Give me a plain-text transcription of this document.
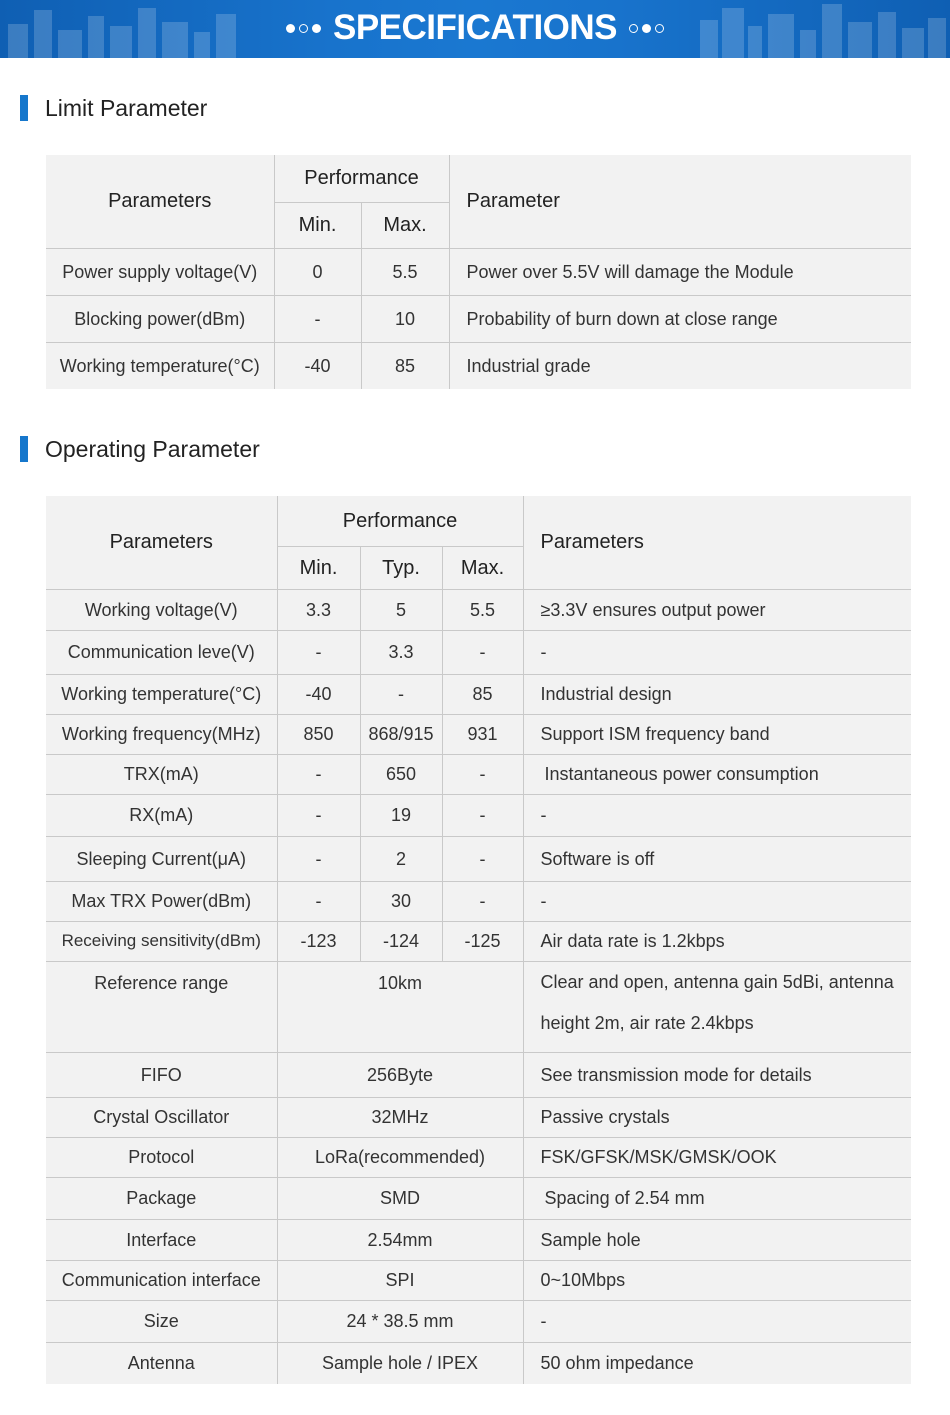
SPECIFICATIONS
Limit Parameter
Parameters	Performance		Parameter
	Min.	Max.	
Power supply voltage(V)	0	5.5	Power over 5.5V will damage the Module
Blocking power(dBm)	-	10	Probability of burn down at close range
Working temperature(°C)	-40	85	Industrial grade
Operating Parameter
Parameters	Performance			Parameters
	Min.	Typ.	Max.	
Working voltage(V)	3.3	5	5.5	≥3.3V ensures output power
Communication leve(V)	-	3.3	-	-
Working temperature(°C)	-40	-	85	Industrial design
Working frequency(MHz)	850	868/915	931	Support ISM frequency band
TRX(mA)	-	650	-	Instantaneous power consumption
RX(mA)	-	19	-	-
Sleeping Current(μA)	-	2	-	Software is off
Max TRX Power(dBm)	-	30	-	-
Receiving sensitivity(dBm)	-123	-124	-125	Air data rate is 1.2kbps
Reference range	10km			Clear and open, antenna gain 5dBi, antenna height 2m, air rate 2.4kbps
FIFO	256Byte			See transmission mode for details
Crystal Oscillator	32MHz			Passive crystals
Protocol	LoRa(recommended)			FSK/GFSK/MSK/GMSK/OOK
Package	SMD			Spacing of 2.54 mm
Interface	2.54mm			Sample hole
Communication interface	SPI			0~10Mbps
Size	24 * 38.5 mm			-
Antenna	Sample hole / IPEX			50 ohm impedance
